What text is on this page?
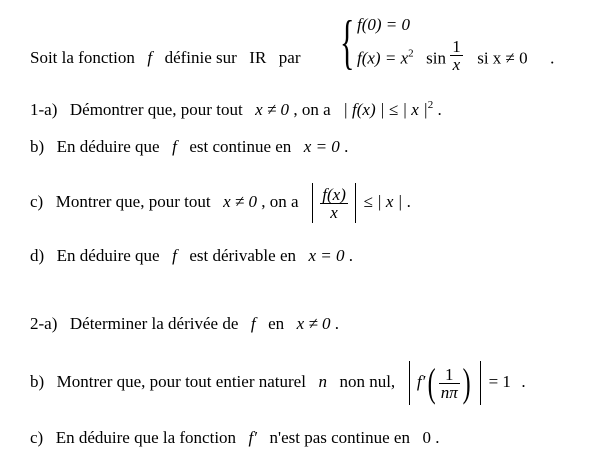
Soit la fonction f définie sur IR par { f(0) = 0
$f(x) = x^2$ $\sin \frac{1}{x}$ si x ≠ 0 .
1-a) Démontrer que, pour tout x ≠ 0 , on a | f(x) | ≤ | x $|^2$ .
b) En déduire que f est continue en x = 0 .
c) Montrer que, pour tout x ≠ 0 , on a $\frac{f(x)}{x}$ ≤ | x | .
d) En déduire que f est dérivable en x = 0 .
2-a) Déterminer la dérivée de f en x ≠ 0 .
b) Montrer que, pour tout entier naturel n non nul, $f'( \frac{1}{n\pi}$ ) = 1 .
c) En déduire que la fonction f′ n'est pas continue en 0 .
